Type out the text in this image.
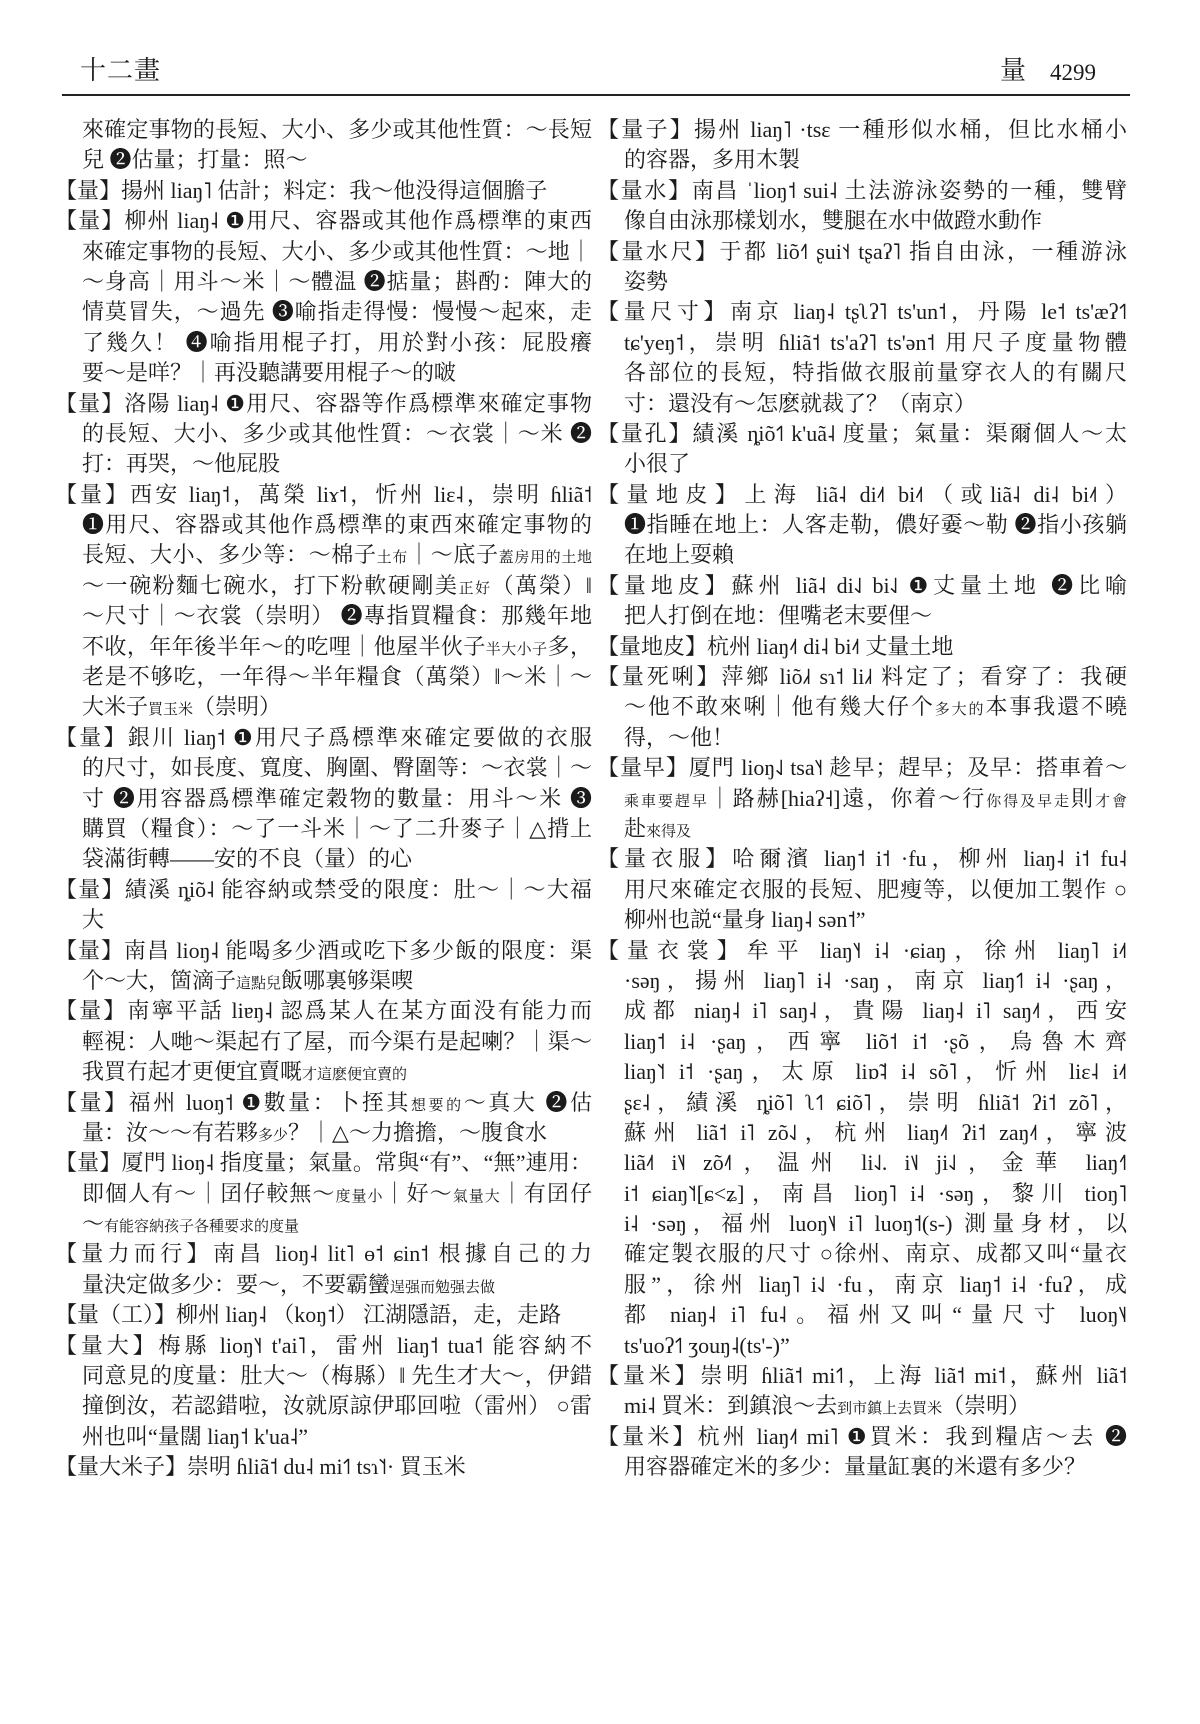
十二畫	量 4299
來確定事物的長短、大小、多少或其他性質：～長短
兒 ❷估量；打量：照～
【量】揚州 liaŋ˥ 估計；料定：我～他没得這個膽子
【量】柳州 liaŋ˨ ❶用尺、容器或其他作爲標準的東西
來確定事物的長短、大小、多少或其他性質：～地｜
～身高｜用斗～米｜～體温 ❷掂量；斟酌：陣大的
情莫冒失，～過先 ❸喻指走得慢：慢慢～起來，走
了幾久！ ❹喻指用棍子打，用於對小孩：屁股癢
要～是咩？｜再没聽講要用棍子～的啵
【量】洛陽 liaŋ˨ ❶用尺、容器等作爲標準來確定事物
的長短、大小、多少或其他性質：～衣裳｜～米 ❷
打：再哭，～他屁股
【量】西安 liaŋ˦，萬榮 liɤ˦，忻州 liɛ˨，崇明 ɦliã˦
❶用尺、容器或其他作爲標準的東西來確定事物的
長短、大小、多少等：～棉子土布｜～底子蓋房用的土地
～一碗粉麵七碗水，打下粉軟硬剛美正好（萬榮）‖
～尺寸｜～衣裳（崇明） ❷專指買糧食：那幾年地
不收，年年後半年～的吃哩｜他屋半伙子半大小子多，
老是不够吃，一年得～半年糧食（萬榮）‖～米｜～
大米子買玉米（崇明）
【量】銀川 liaŋ˦ ❶用尺子爲標準來確定要做的衣服
的尺寸，如長度、寬度、胸圍、臀圍等：～衣裳｜～
寸 ❷用容器爲標準確定穀物的數量：用斗～米 ❸
購買（糧食）：～了一斗米｜～了二升麥子｜△揹上
袋滿街轉——安的不良（量）的心
【量】績溪 ȵiõ˨ 能容納或禁受的限度：肚～｜～大福
大
【量】南昌 lioŋ˨ 能喝多少酒或吃下多少飯的限度：渠
个～大，箇滴子這點兒飯哪裏够渠喫
【量】南寧平話 liɐŋ˨ 認爲某人在某方面没有能力而
輕視：人哋～渠起冇了屋，而今渠冇是起喇？｜渠～
我買冇起才更便宜賣嘅才這麽便宜賣的
【量】福州 luoŋ˦ ❶數量：卜挃其想要的～真大 ❷估
量：汝～～有若夥多少？｜△～力擔擔，～腹食水
【量】厦門 lioŋ˨ 指度量；氣量。常與“有”、“無”連用：
即個人有～｜囝仔較無～度量小｜好～氣量大｜有囝仔
～有能容納孩子各種要求的度量
【量力而行】南昌 lioŋ˨ lit˥ ɵ˦ ɕin˦ 根據自己的力
量決定做多少：要～，不要霸蠻逞强而勉强去做
【量（工）】柳州 liaŋ˨ （koŋ˦） 江湖隱語，走，走路
【量大】梅縣 lioŋ˥˧ t'ai˥，雷州 liaŋ˦ tua˦ 能容納不
同意見的度量：肚大～（梅縣）‖ 先生才大～，伊錯
撞倒汝，若認錯啦，汝就原諒伊耶回啦（雷州） ○雷
州也叫“量闊 liaŋ˦ k'ua˨”
【量大米子】崇明 ɦliã˦ du˨ mi˦˥ tsɿ˥˦· 買玉米
【量子】揚州 liaŋ˥ ·tsɛ 一種形似水桶，但比水桶小
的容器，多用木製
【量水】南昌 ˈlioŋ˦ sui˨ 土法游泳姿勢的一種，雙臂
像自由泳那樣划水，雙腿在水中做蹬水動作
【量水尺】于都 liõ˧˥ ʂui˦˧ tʂaʔ˥ 指自由泳，一種游泳
姿勢
【量尺寸】南京 liaŋ˨ tʂʅʔ˥ ts'un˦，丹陽 le˦ ts'æʔ˦˥
tɕ'yeŋ˦，崇明 ɦliã˦ ts'aʔ˥ ts'ən˦ 用尺子度量物體
各部位的長短，特指做衣服前量穿衣人的有關尺
寸：還没有～怎麽就裁了？（南京）
【量孔】績溪 ȵiõ˦˥ k'uã˨ 度量；氣量：渠爾個人～太
小很了
【量地皮】上海 liã˨ di˨˦ bi˨˦（或liã˨ di˨ bi˨˦）
❶指睡在地上：人客走勒，儂好嫑～勒 ❷指小孩躺
在地上耍賴
【量地皮】蘇州 liã˨ di˨˩ bi˨˩ ❶丈量土地 ❷比喻
把人打倒在地：俚嘴老末要俚～
【量地皮】杭州 liaŋ˨˦ di˨ bi˨˦ 丈量土地
【量死唎】萍鄉 liõ˩˧ sɿ˦ li˩˧ 料定了；看穿了：我硬
～他不敢來唎｜他有幾大仔个多大的本事我還不曉
得，～他！
【量早】厦門 lioŋ˨˩ tsa˥˧ 趁早；趕早；及早：搭車着～
乘車要趕早｜路赫[hiaʔ˧]遠，你着～行你得及早走則才會
赴來得及
【量衣服】哈爾濱 liaŋ˦ i˦ ·fu，柳州 liaŋ˨ i˦ fu˨
用尺來確定衣服的長短、肥瘦等，以便加工製作 ○
柳州也説“量身 liaŋ˨ sən˦”
【量衣裳】牟平 liaŋ˥˧ i˨ ·ɕiaŋ，徐州 liaŋ˥ i˨˦
·səŋ，揚州 liaŋ˥ i˨ ·saŋ，南京 liaŋ˦˥ i˨ ·ʂaŋ，
成都 niaŋ˨ i˥ saŋ˨，貴陽 liaŋ˨ i˥ saŋ˨˦，西安
liaŋ˦ i˨ ·ʂaŋ，西寧 liõ˦ i˦ ·ʂõ，烏魯木齊
liaŋ˥˦ i˦ ·ʂaŋ，太原 liɒ̃˨ i˨ sõ˥，忻州 liɛ˨ i˨˦
ʂɛ˨，績溪 ȵiõ˥ ʅ˦˥ ɕiõ˥，崇明 ɦliã˦ ʔi˦ zõ˥，
蘇州 liã˦ i˥ zõ˨˩，杭州 liaŋ˨˦ ʔi˦ zaŋ˨˦，寧波
liã˨˦ i˥˨ zõ˨˥，温州 li˨˩. i˦˩ ji˨˩，金華 liaŋ˧˥
i˦ ɕiaŋ˥˦[ɕ<ʑ]，南昌 lioŋ˥ i˨ ·səŋ，黎川 tioŋ˥
i˨ ·səŋ，福州 luoŋ˥˨ i˥ luoŋ˦(s-) 測量身材，以
確定製衣服的尺寸 ○徐州、南京、成都又叫“量衣
服”，徐州 liaŋ˥ i˨˩ ·fu，南京 liaŋ˦ i˨ ·fuʔ，成
都 niaŋ˨ i˥ fu˨。福州又叫“量尺寸 luoŋ˥˨
ts'uoʔ˦˥ ʒouŋ˨(ts'-)”
【量米】崇明 ɦliã˦ mi˦˥，上海 liã˦ mi˦，蘇州 liã˦
mi˨ 買米：到鎮浪～去到市鎮上去買米（崇明）
【量米】杭州 liaŋ˨˦ mi˥ ❶買米：我到糧店～去 ❷
用容器確定米的多少：量量缸裏的米還有多少？
